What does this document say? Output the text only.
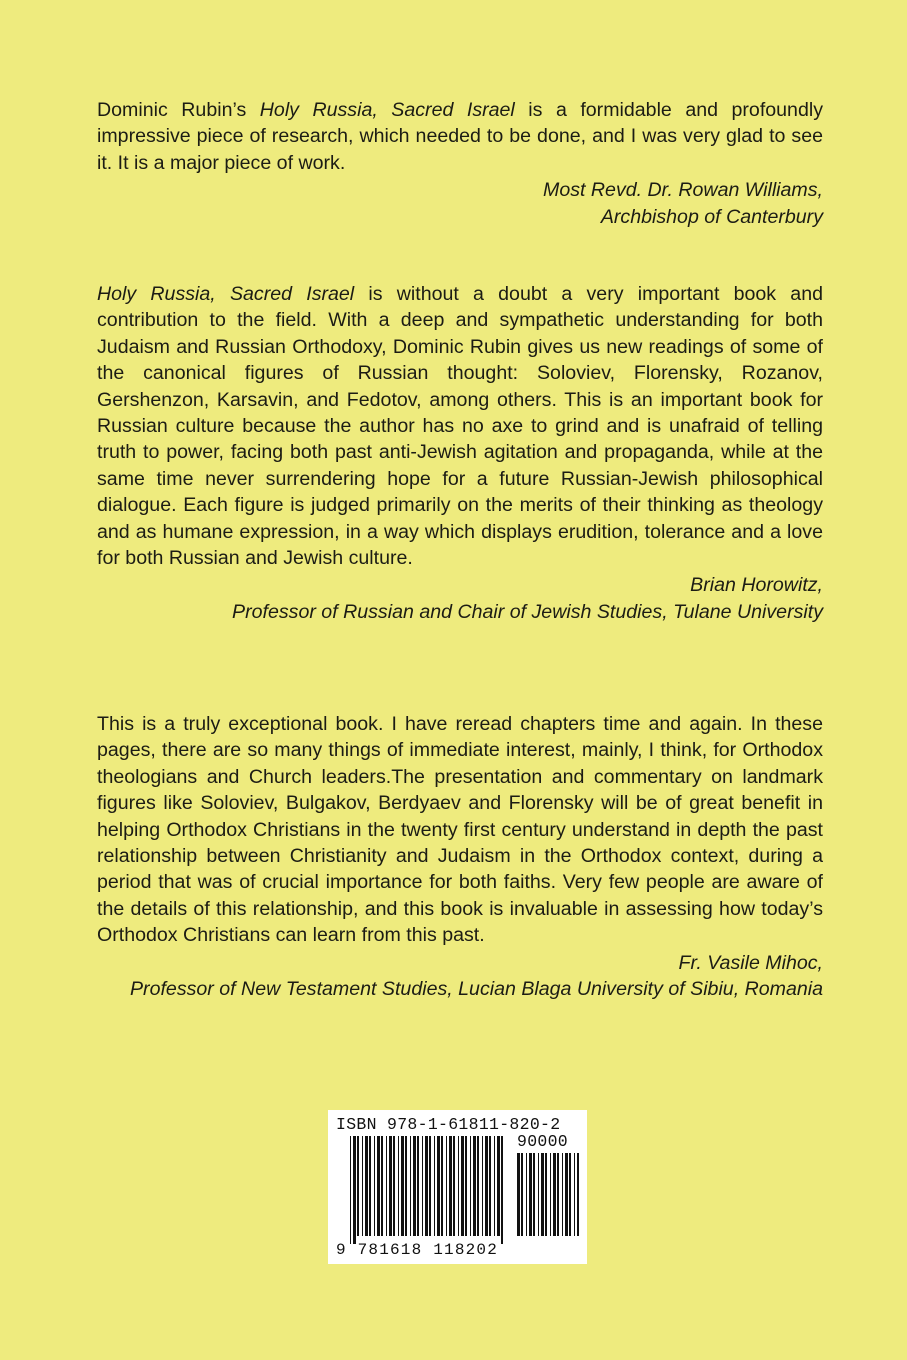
Dominic Rubin’s Holy Russia, Sacred Israel is a formidable and profoundly impressive piece of research, which needed to be done, and I was very glad to see it. It is a major piece of work.

Most Revd. Dr. Rowan Williams,
Archbishop of Canterbury

Holy Russia, Sacred Israel is without a doubt a very important book and contribution to the field. With a deep and sympathetic understanding for both Judaism and Russian Orthodoxy, Dominic Rubin gives us new readings of some of the canonical figures of Russian thought: Soloviev, Florensky, Rozanov, Gershenzon, Karsavin, and Fedotov, among others. This is an important book for Russian culture because the author has no axe to grind and is unafraid of telling truth to power, facing both past anti-Jewish agitation and propaganda, while at the same time never surrendering hope for a future Russian-Jewish philosophical dialogue. Each figure is judged primarily on the merits of their thinking as theology and as humane expression, in a way which displays erudition, tolerance and a love for both Russian and Jewish culture.

Brian Horowitz,
Professor of Russian and Chair of Jewish Studies, Tulane University

This is a truly exceptional book. I have reread chapters time and again. In these pages, there are so many things of immediate interest, mainly, I think, for Orthodox theologians and Church leaders.The presentation and commentary on landmark figures like Soloviev, Bulgakov, Berdyaev and Florensky will be of great benefit in helping Orthodox Christians in the twenty first century understand in depth the past relationship between Christianity and Judaism in the Orthodox context, during a period that was of crucial importance for both faiths. Very few people are aware of the details of this relationship, and this book is invaluable in assessing how today’s Orthodox Christians can learn from this past.

Fr. Vasile Mihoc,
Professor of New Testament Studies, Lucian Blaga University of Sibiu, Romania
ISBN 978-1-61811-820-2
90000
9 781618 118202
